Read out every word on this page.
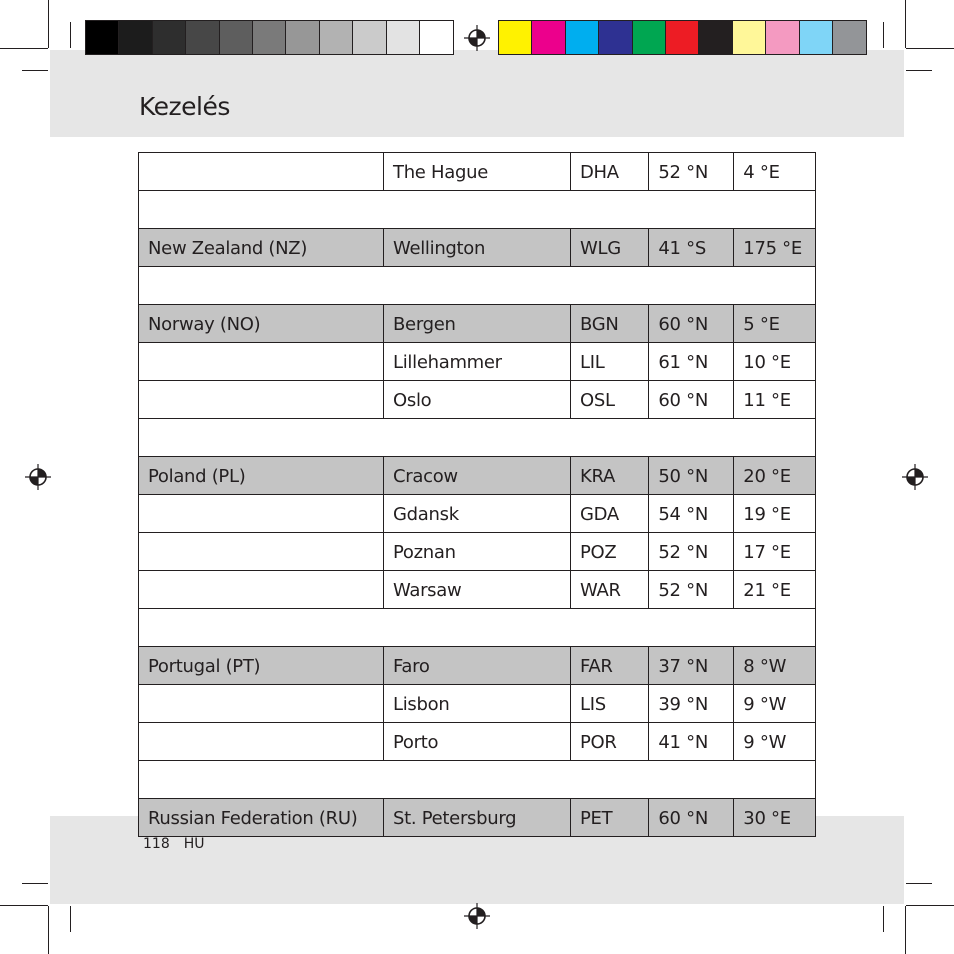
Kezelés
	The Hague	DHA	52 °N	4 °E

New Zealand (NZ)	Wellington	WLG	41 °S	175 °E

Norway (NO)	Bergen	BGN	60 °N	5 °E
	Lillehammer	LIL	61 °N	10 °E
	Oslo	OSL	60 °N	11 °E

Poland (PL)	Cracow	KRA	50 °N	20 °E
	Gdansk	GDA	54 °N	19 °E
	Poznan	POZ	52 °N	17 °E
	Warsaw	WAR	52 °N	21 °E

Portugal (PT)	Faro	FAR	37 °N	8 °W
	Lisbon	LIS	39 °N	9 °W
	Porto	POR	41 °N	9 °W

Russian Federation (RU)	St. Petersburg	PET	60 °N	30 °E
118 HU
